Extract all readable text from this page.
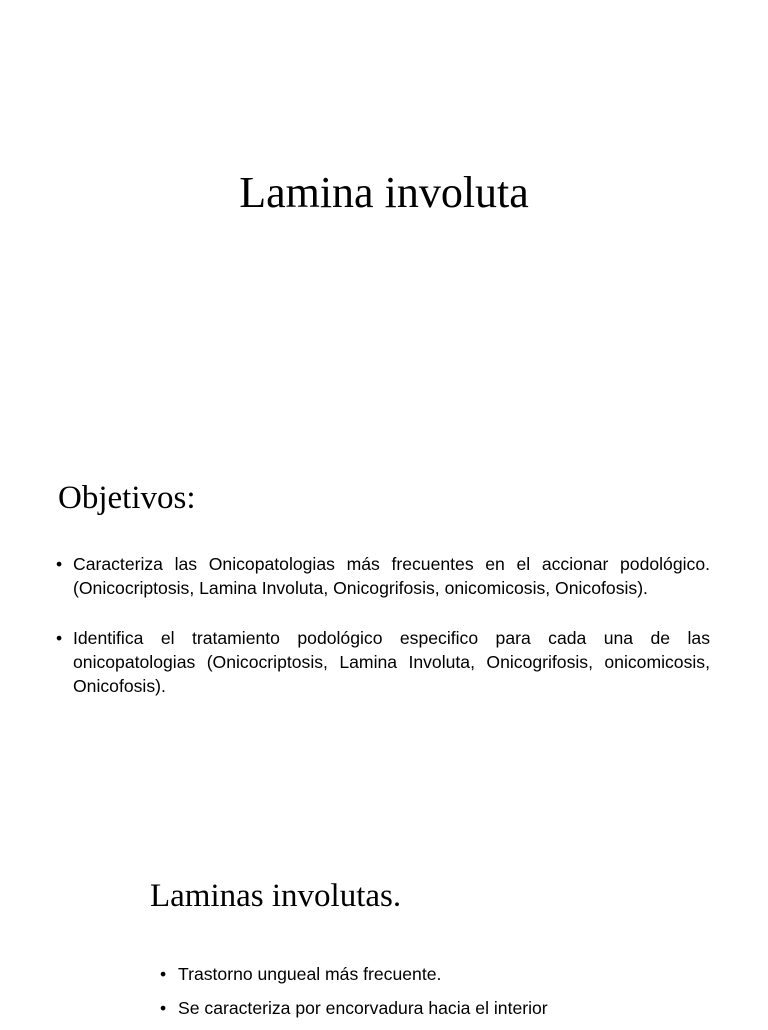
Lamina involuta
Objetivos:
• Caracteriza las Onicopatologias más frecuentes en el accionar podológico. (Onicocriptosis, Lamina Involuta, Onicogrifosis, onicomicosis, Onicofosis).
• Identifica el tratamiento podológico especifico para cada una de las onicopatologias (Onicocriptosis, Lamina Involuta, Onicogrifosis, onicomicosis, Onicofosis).
Laminas involutas.
• Trastorno ungueal más frecuente.
• Se caracteriza por encorvadura hacia el interior
